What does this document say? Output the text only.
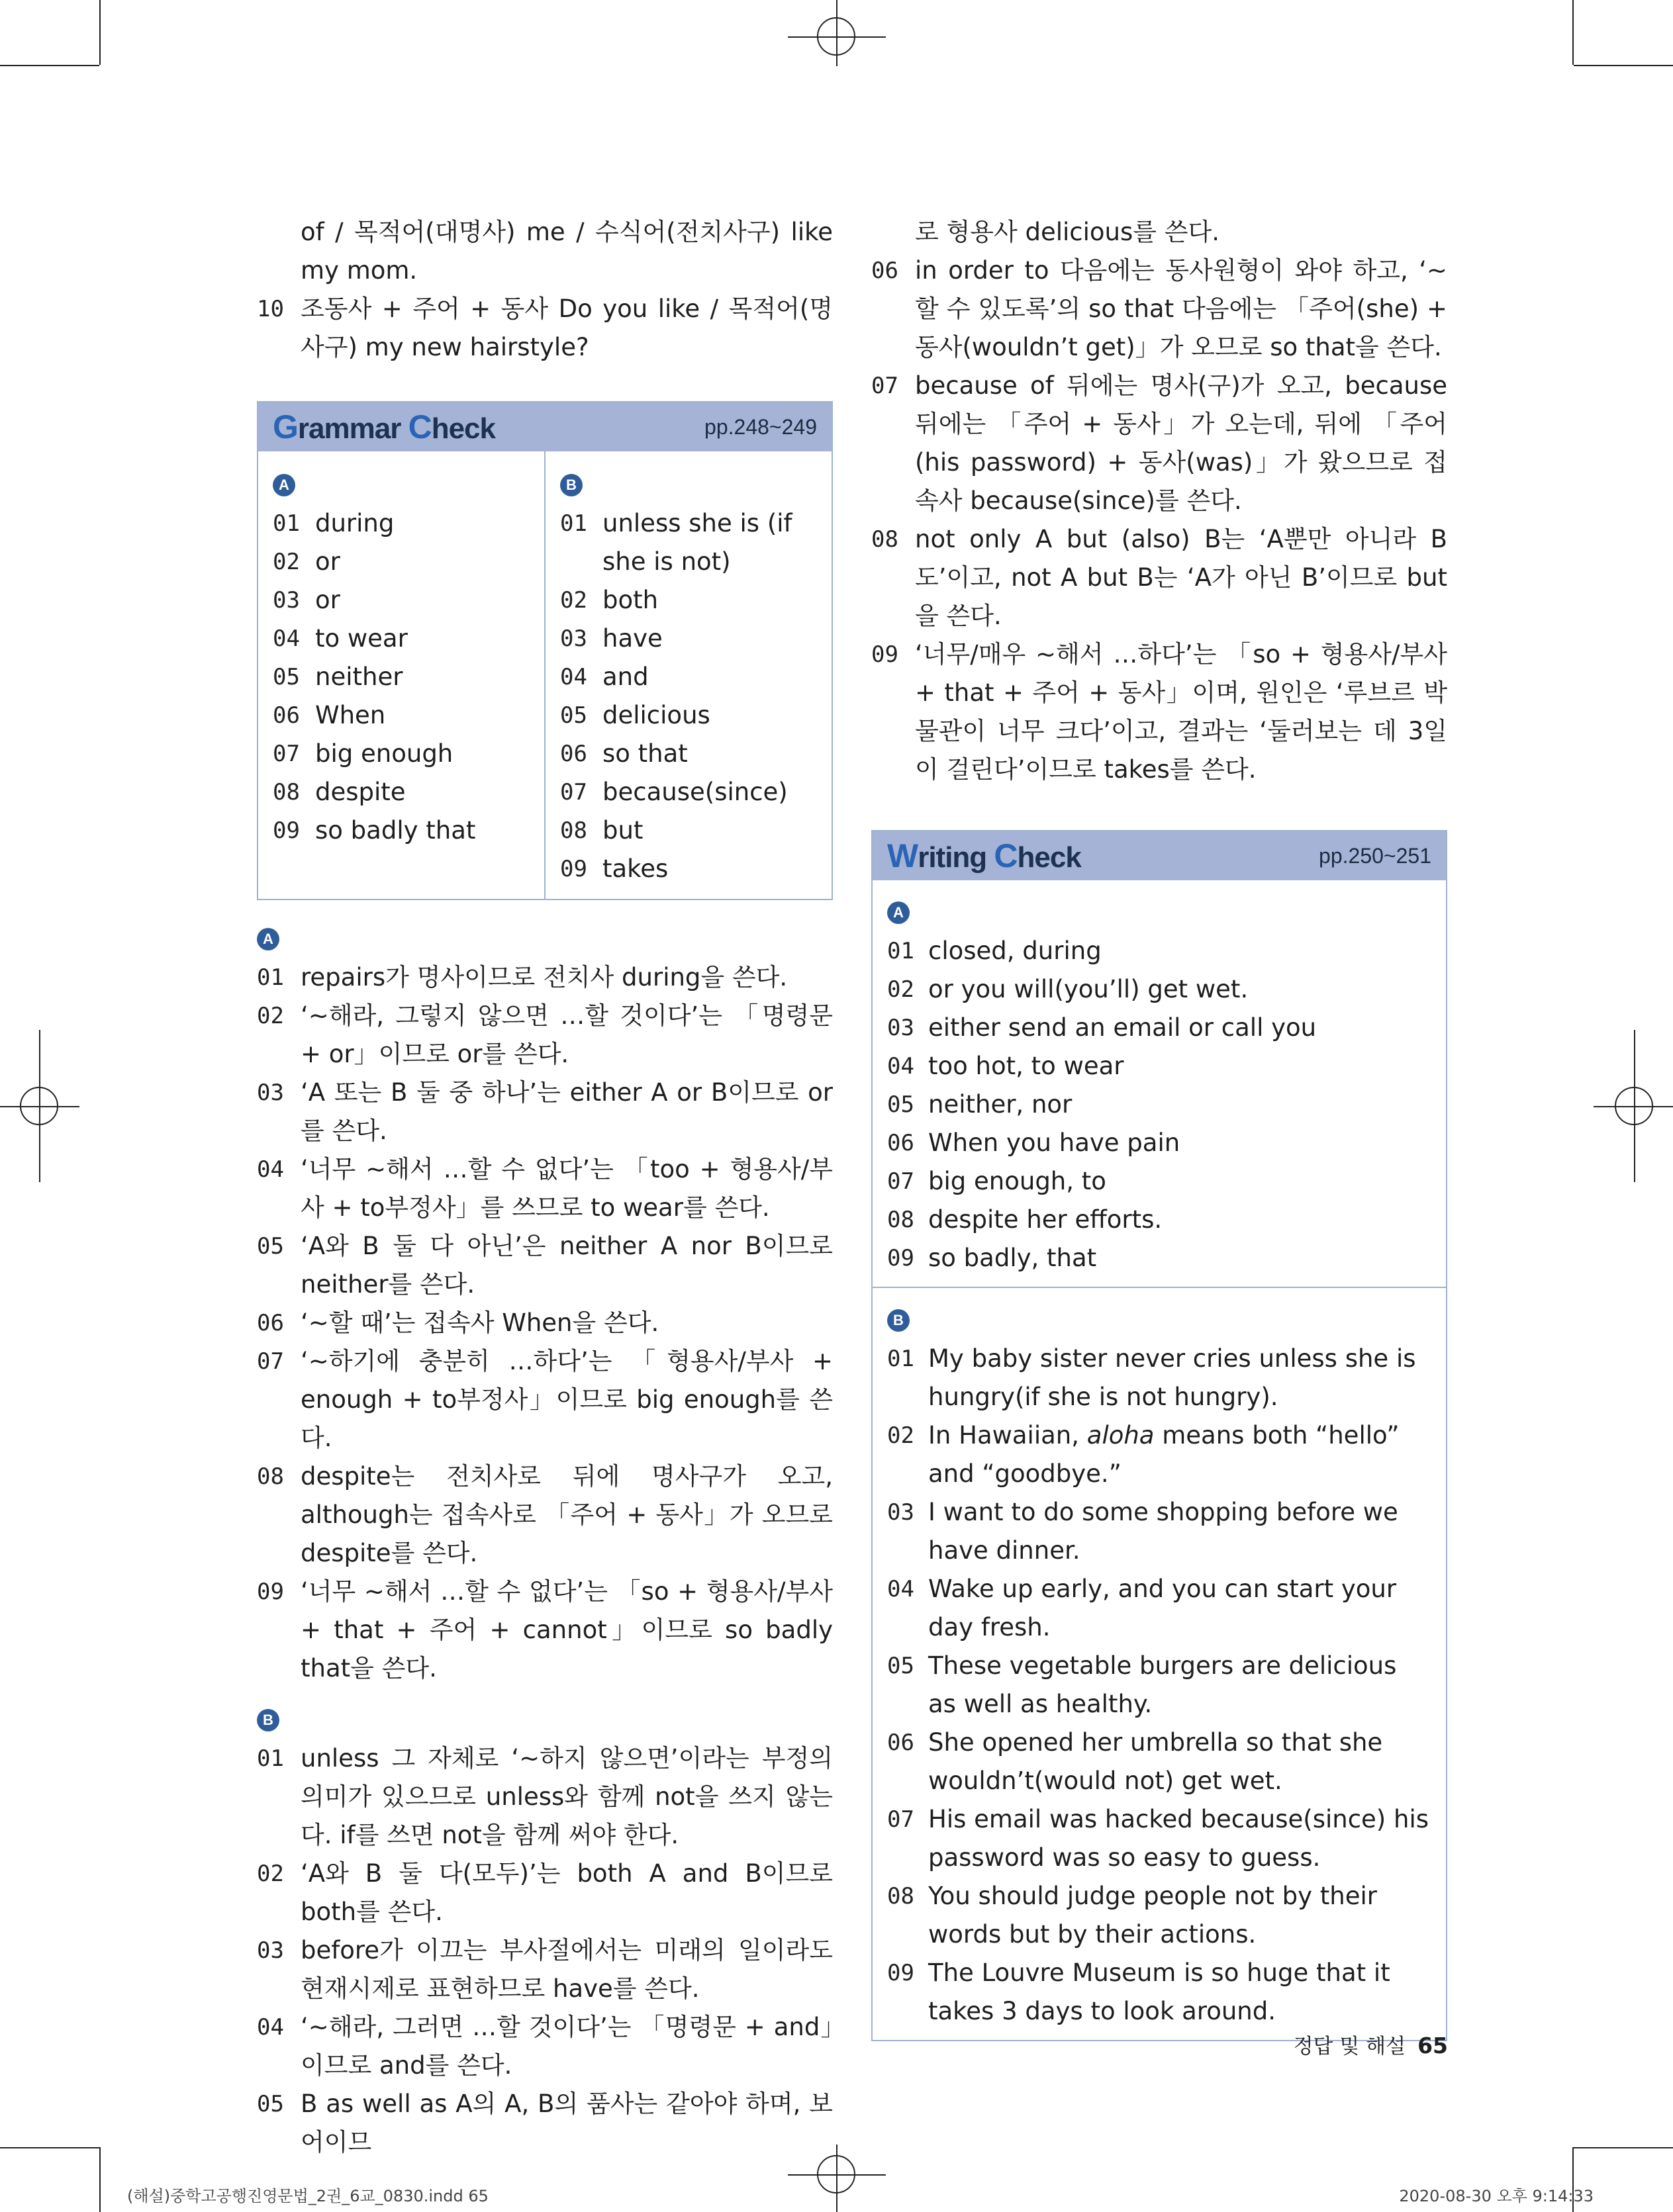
of / 목적어(대명사) me / 수식어(전치사구) like my mom.
10 조동사 + 주어 + 동사 Do you like / 목적어(명사구) my new hairstyle?
Grammar Check	pp.248~249
A
01 during
02 or
03 or
04 to wear
05 neither
06 When
07 big enough
08 despite
09 so badly that
B
01 unless she is (if she is not)
02 both
03 have
04 and
05 delicious
06 so that
07 because(since)
08 but
09 takes
A
01 repairs가 명사이므로 전치사 during을 쓴다.
02 ‘~해라, 그렇지 않으면 …할 것이다’는 「명령문 + or」이므로 or를 쓴다.
03 ‘A 또는 B 둘 중 하나’는 either A or B이므로 or를 쓴다.
04 ‘너무 ~해서 …할 수 없다’는 「too + 형용사/부사 + to부정사」를 쓰므로 to wear를 쓴다.
05 ‘A와 B 둘 다 아닌’은 neither A nor B이므로 neither를 쓴다.
06 ‘~할 때’는 접속사 When을 쓴다.
07 ‘~하기에 충분히 …하다’는 「형용사/부사 + enough + to부정사」이므로 big enough를 쓴다.
08 despite는 전치사로 뒤에 명사구가 오고, although는 접속사로 「주어 + 동사」가 오므로 despite를 쓴다.
09 ‘너무 ~해서 …할 수 없다’는 「so + 형용사/부사 + that + 주어 + cannot」이므로 so badly that을 쓴다.
B
01 unless 그 자체로 ‘~하지 않으면’이라는 부정의 의미가 있으므로 unless와 함께 not을 쓰지 않는다. if를 쓰면 not을 함께 써야 한다.
02 ‘A와 B 둘 다(모두)’는 both A and B이므로 both를 쓴다.
03 before가 이끄는 부사절에서는 미래의 일이라도 현재시제로 표현하므로 have를 쓴다.
04 ‘~해라, 그러면 …할 것이다’는 「명령문 + and」이므로 and를 쓴다.
05 B as well as A의 A, B의 품사는 같아야 하며, 보어이므
로 형용사 delicious를 쓴다.
06 in order to 다음에는 동사원형이 와야 하고, ‘~할 수 있도록’의 so that 다음에는 「주어(she) + 동사(wouldn’t get)」가 오므로 so that을 쓴다.
07 because of 뒤에는 명사(구)가 오고, because 뒤에는 「주어 + 동사」가 오는데, 뒤에 「주어(his password) + 동사(was)」가 왔으므로 접속사 because(since)를 쓴다.
08 not only A but (also) B는 ‘A뿐만 아니라 B도’이고, not A but B는 ‘A가 아닌 B’이므로 but을 쓴다.
09 ‘너무/매우 ~해서 …하다’는 「so + 형용사/부사 + that + 주어 + 동사」이며, 원인은 ‘루브르 박물관이 너무 크다’이고, 결과는 ‘둘러보는 데 3일이 걸린다’이므로 takes를 쓴다.
Writing Check	pp.250~251
A
01 closed, during
02 or you will(you’ll) get wet.
03 either send an email or call you
04 too hot, to wear
05 neither, nor
06 When you have pain
07 big enough, to
08 despite her efforts.
09 so badly, that
B
01 My baby sister never cries unless she is hungry(if she is not hungry).
02 In Hawaiian, aloha means both “hello” and “goodbye.”
03 I want to do some shopping before we have dinner.
04 Wake up early, and you can start your day fresh.
05 These vegetable burgers are delicious as well as healthy.
06 She opened her umbrella so that she wouldn’t(would not) get wet.
07 His email was hacked because(since) his password was so easy to guess.
08 You should judge people not by their words but by their actions.
09 The Louvre Museum is so huge that it takes 3 days to look around.
정답 및 해설 65
(해설)중학고공행진영문법_2권_6교_0830.indd 65	2020-08-30 오후 9:14:33
